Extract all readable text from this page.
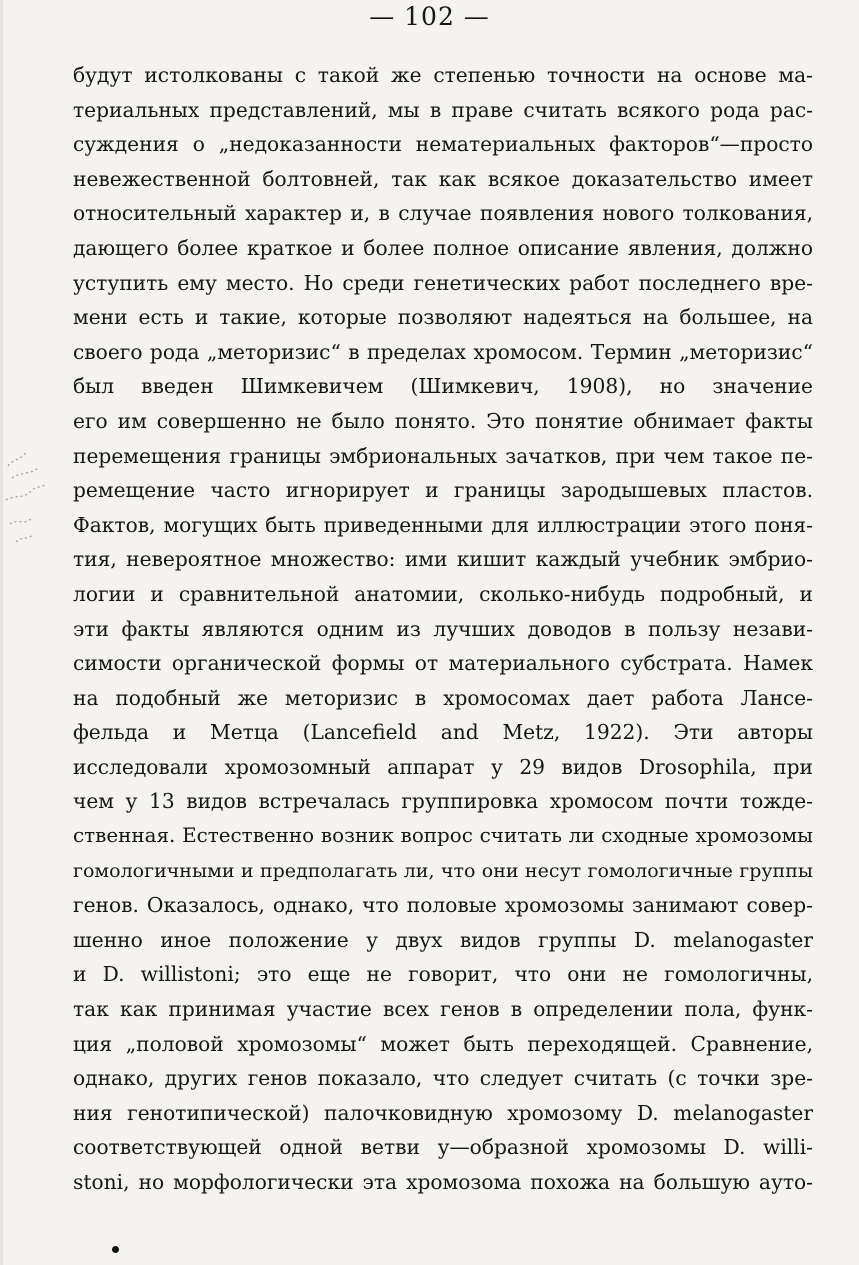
— 102 —
будут истолкованы с такой же степенью точности на основе ма-
териальных представлений, мы в праве считать всякого рода рас-
суждения о „недоказанности нематериальных факторов“—просто
невежественной болтовней, так как всякое доказательство имеет
относительный характер и, в случае появления нового толкования,
дающего более краткое и более полное описание явления, должно
уступить ему место. Но среди генетических работ последнего вре-
мени есть и такие, которые позволяют надеяться на большее, на
своего рода „меторизис“ в пределах хромосом. Термин „меторизис“
был введен Шимкевичем (Шимкевич, 1908), но значение
его им совершенно не было понято. Это понятие обнимает факты
перемещения границы эмбриональных зачатков, при чем такое пе-
ремещение часто игнорирует и границы зародышевых пластов.
Фактов, могущих быть приведенными для иллюстрации этого поня-
тия, невероятное множество: ими кишит каждый учебник эмбрио-
логии и сравнительной анатомии, сколько-нибудь подробный, и
эти факты являются одним из лучших доводов в пользу незави-
симости органической формы от материального субстрата. Намек
на подобный же меторизис в хромосомах дает работа Лансе-
фельда и Метца (Lancefield and Metz, 1922). Эти авторы
исследовали хромозомный аппарат у 29 видов Drosophila, при
чем у 13 видов встречалась группировка хромосом почти тожде-
ственная. Естественно возник вопрос считать ли сходные хромозомы
гомологичными и предполагать ли, что они несут гомологичные группы
генов. Оказалось, однако, что половые хромозомы занимают совер-
шенно иное положение у двух видов группы D. melanogaster
и D. willistoni; это еще не говорит, что они не гомологичны,
так как принимая участие всех генов в определении пола, функ-
ция „половой хромозомы“ может быть переходящей. Сравнение,
однако, других генов показало, что следует считать (с точки зре-
ния генотипической) палочковидную хромозому D. melanogaster
соответствующей одной ветви у—образной хромозомы D. willi-
stoni, но морфологически эта хромозома похожа на большую ауто-
